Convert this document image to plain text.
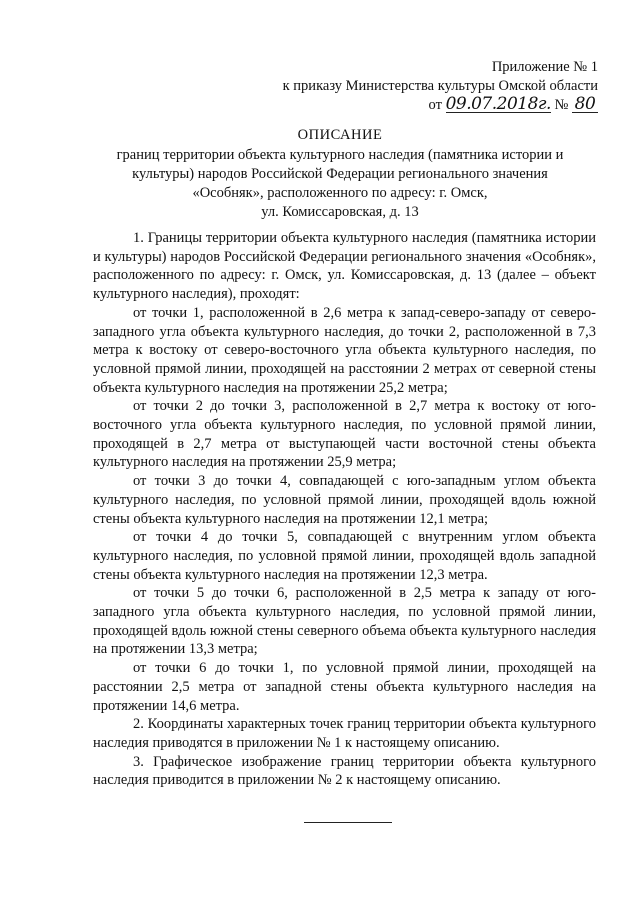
Приложение № 1
к приказу Министерства культуры Омской области
от 09.07.2018г. № 80
ОПИСАНИЕ
границ территории объекта культурного наследия (памятника истории и
культуры) народов Российской Федерации регионального значения
«Особняк», расположенного по адресу: г. Омск,
ул. Комиссаровская, д. 13

1. Границы территории объекта культурного наследия (памятника истории и культуры) народов Российской Федерации регионального значения «Особняк», расположенного по адресу: г. Омск, ул. Комиссаровская, д. 13 (далее – объект культурного наследия), проходят:

от точки 1, расположенной в 2,6 метра к запад-северо-западу от северо-западного угла объекта культурного наследия, до точки 2, расположенной в 7,3 метра к востоку от северо-восточного угла объекта культурного наследия, по условной прямой линии, проходящей на расстоянии 2 метрах от северной стены объекта культурного наследия на протяжении 25,2 метра;

от точки 2 до точки 3, расположенной в 2,7 метра к востоку от юго-восточного угла объекта культурного наследия, по условной прямой линии, проходящей в 2,7 метра от выступающей части восточной стены объекта культурного наследия на протяжении 25,9 метра;

от точки 3 до точки 4, совпадающей с юго-западным углом объекта культурного наследия, по условной прямой линии, проходящей вдоль южной стены объекта культурного наследия на протяжении 12,1 метра;

от точки 4 до точки 5, совпадающей с внутренним углом объекта культурного наследия, по условной прямой линии, проходящей вдоль западной стены объекта культурного наследия на протяжении 12,3 метра.

от точки 5 до точки 6, расположенной в 2,5 метра к западу от юго-западного угла объекта культурного наследия, по условной прямой линии, проходящей вдоль южной стены северного объема объекта культурного наследия на протяжении 13,3 метра;

от точки 6 до точки 1, по условной прямой линии, проходящей на расстоянии 2,5 метра от западной стены объекта культурного наследия на протяжении 14,6 метра.

2. Координаты характерных точек границ территории объекта культурного наследия приводятся в приложении № 1 к настоящему описанию.

3. Графическое изображение границ территории объекта культурного наследия приводится в приложении № 2 к настоящему описанию.
